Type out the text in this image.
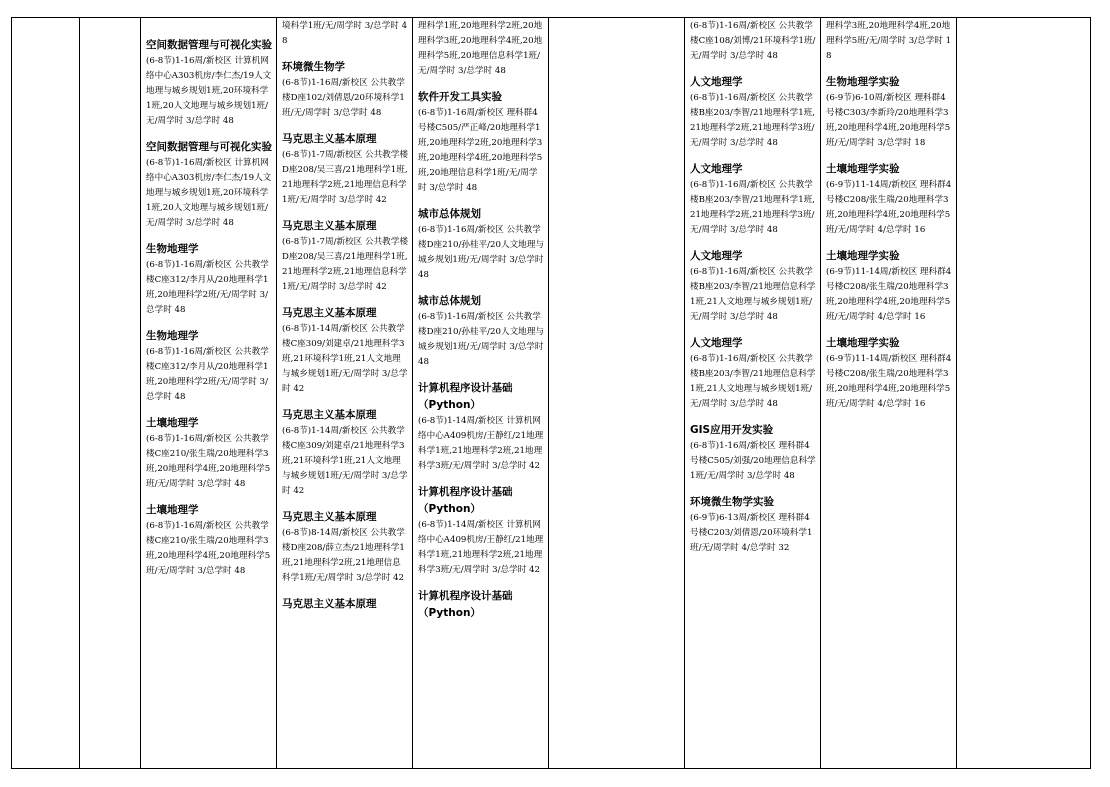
空间数据管理与可视化实验
(6-8节)1-16周/新校区 计算机网络中心A303机房/李仁杰/19人文地理与城乡规划1班,20环境科学1班,20人文地理与城乡规划1班/无/周学时 3/总学时 48
空间数据管理与可视化实验
(6-8节)1-16周/新校区 计算机网络中心A303机房/李仁杰/19人文地理与城乡规划1班,20环境科学1班,20人文地理与城乡规划1班/无/周学时 3/总学时 48
生物地理学
(6-8节)1-16周/新校区 公共教学楼C座312/李月从/20地理科学1班,20地理科学2班/无/周学时 3/总学时 48
生物地理学
(6-8节)1-16周/新校区 公共教学楼C座312/李月从/20地理科学1班,20地理科学2班/无/周学时 3/总学时 48
土壤地理学
(6-8节)1-16周/新校区 公共教学楼C座210/张生瑞/20地理科学3班,20地理科学4班,20地理科学5班/无/周学时 3/总学时 48
土壤地理学
(6-8节)1-16周/新校区 公共教学楼C座210/张生瑞/20地理科学3班,20地理科学4班,20地理科学5班/无/周学时 3/总学时 48
境科学1班/无/周学时 3/总学时 48
环境微生物学
(6-8节)1-16周/新校区 公共教学楼D座102/刘倩恩/20环境科学1班/无/周学时 3/总学时 48
马克思主义基本原理
(6-8节)1-7周/新校区 公共教学楼D座208/吴三喜/21地理科学1班,21地理科学2班,21地理信息科学1班/无/周学时 3/总学时 42
马克思主义基本原理
(6-8节)1-7周/新校区 公共教学楼D座208/吴三喜/21地理科学1班,21地理科学2班,21地理信息科学1班/无/周学时 3/总学时 42
马克思主义基本原理
(6-8节)1-14周/新校区 公共教学楼C座309/刘建卓/21地理科学3班,21环境科学1班,21人文地理与城乡规划1班/无/周学时 3/总学时 42
马克思主义基本原理
(6-8节)1-14周/新校区 公共教学楼C座309/刘建卓/21地理科学3班,21环境科学1班,21人文地理与城乡规划1班/无/周学时 3/总学时 42
马克思主义基本原理
(6-8节)8-14周/新校区 公共教学楼D座208/薛立杰/21地理科学1班,21地理科学2班,21地理信息科学1班/无/周学时 3/总学时 42
马克思主义基本原理
理科学1班,20地理科学2班,20地理科学3班,20地理科学4班,20地理科学5班,20地理信息科学1班/无/周学时 3/总学时 48
软件开发工具实验
(6-8节)1-16周/新校区 理科群4号楼C505/严正峰/20地理科学1班,20地理科学2班,20地理科学3班,20地理科学4班,20地理科学5班,20地理信息科学1班/无/周学时 3/总学时 48
城市总体规划
(6-8节)1-16周/新校区 公共教学楼D座210/孙桂平/20人文地理与城乡规划1班/无/周学时 3/总学时 48
城市总体规划
(6-8节)1-16周/新校区 公共教学楼D座210/孙桂平/20人文地理与城乡规划1班/无/周学时 3/总学时 48
计算机程序设计基础（Python）
(6-8节)1-14周/新校区 计算机网络中心A409机房/王静红/21地理科学1班,21地理科学2班,21地理科学3班/无/周学时 3/总学时 42
计算机程序设计基础（Python）
(6-8节)1-14周/新校区 计算机网络中心A409机房/王静红/21地理科学1班,21地理科学2班,21地理科学3班/无/周学时 3/总学时 42
计算机程序设计基础（Python）
(6-8节)1-16周/新校区 公共教学楼C座108/刘博/21环境科学1班/无/周学时 3/总学时 48
人文地理学
(6-8节)1-16周/新校区 公共教学楼B座203/李智/21地理科学1班,21地理科学2班,21地理科学3班/无/周学时 3/总学时 48
人文地理学
(6-8节)1-16周/新校区 公共教学楼B座203/李智/21地理科学1班,21地理科学2班,21地理科学3班/无/周学时 3/总学时 48
人文地理学
(6-8节)1-16周/新校区 公共教学楼B座203/李智/21地理信息科学1班,21人文地理与城乡规划1班/无/周学时 3/总学时 48
人文地理学
(6-8节)1-16周/新校区 公共教学楼B座203/李智/21地理信息科学1班,21人文地理与城乡规划1班/无/周学时 3/总学时 48
GIS应用开发实验
(6-8节)1-16周/新校区 理科群4号楼C505/刘强/20地理信息科学1班/无/周学时 3/总学时 48
环境微生物学实验
(6-9节)6-13周/新校区 理科群4号楼C203/刘倩恩/20环境科学1班/无/周学时 4/总学时 32
理科学3班,20地理科学4班,20地理科学5班/无/周学时 3/总学时 18
生物地理学实验
(6-9节)6-10周/新校区 理科群4号楼C303/李新玲/20地理科学3班,20地理科学4班,20地理科学5班/无/周学时 3/总学时 18
土壤地理学实验
(6-9节)11-14周/新校区 理科群4号楼C208/张生瑞/20地理科学3班,20地理科学4班,20地理科学5班/无/周学时 4/总学时 16
土壤地理学实验
(6-9节)11-14周/新校区 理科群4号楼C208/张生瑞/20地理科学3班,20地理科学4班,20地理科学5班/无/周学时 4/总学时 16
土壤地理学实验
(6-9节)11-14周/新校区 理科群4号楼C208/张生瑞/20地理科学3班,20地理科学4班,20地理科学5班/无/周学时 4/总学时 16
